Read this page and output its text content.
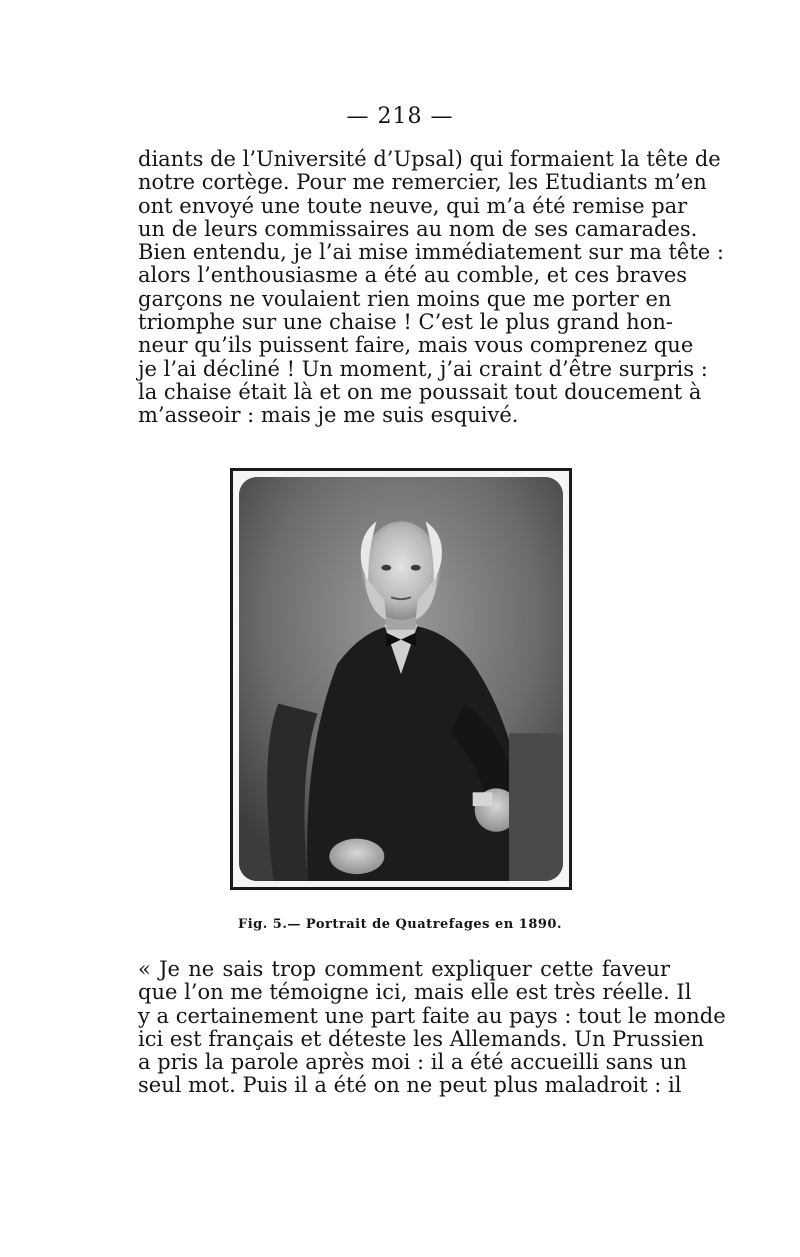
— 218 —
diants de l’Université d’Upsal) qui formaient la tête de
notre cortège. Pour me remercier, les Etudiants m’en
ont envoyé une toute neuve, qui m’a été remise par
un de leurs commissaires au nom de ses camarades.
Bien entendu, je l’ai mise immédiatement sur ma tête :
alors l’enthousiasme a été au comble, et ces braves
garçons ne voulaient rien moins que me porter en
triomphe sur une chaise ! C’est le plus grand hon-
neur qu’ils puissent faire, mais vous comprenez que
je l’ai décliné ! Un moment, j’ai craint d’être surpris :
la chaise était là et on me poussait tout doucement à
m’asseoir : mais je me suis esquivé.
Fig. 5.— Portrait de Quatrefages en 1890.
« Je ne sais trop comment expliquer cette faveur
que l’on me témoigne ici, mais elle est très réelle. Il
y a certainement une part faite au pays : tout le monde
ici est français et déteste les Allemands. Un Prussien
a pris la parole après moi : il a été accueilli sans un
seul mot. Puis il a été on ne peut plus maladroit : il
